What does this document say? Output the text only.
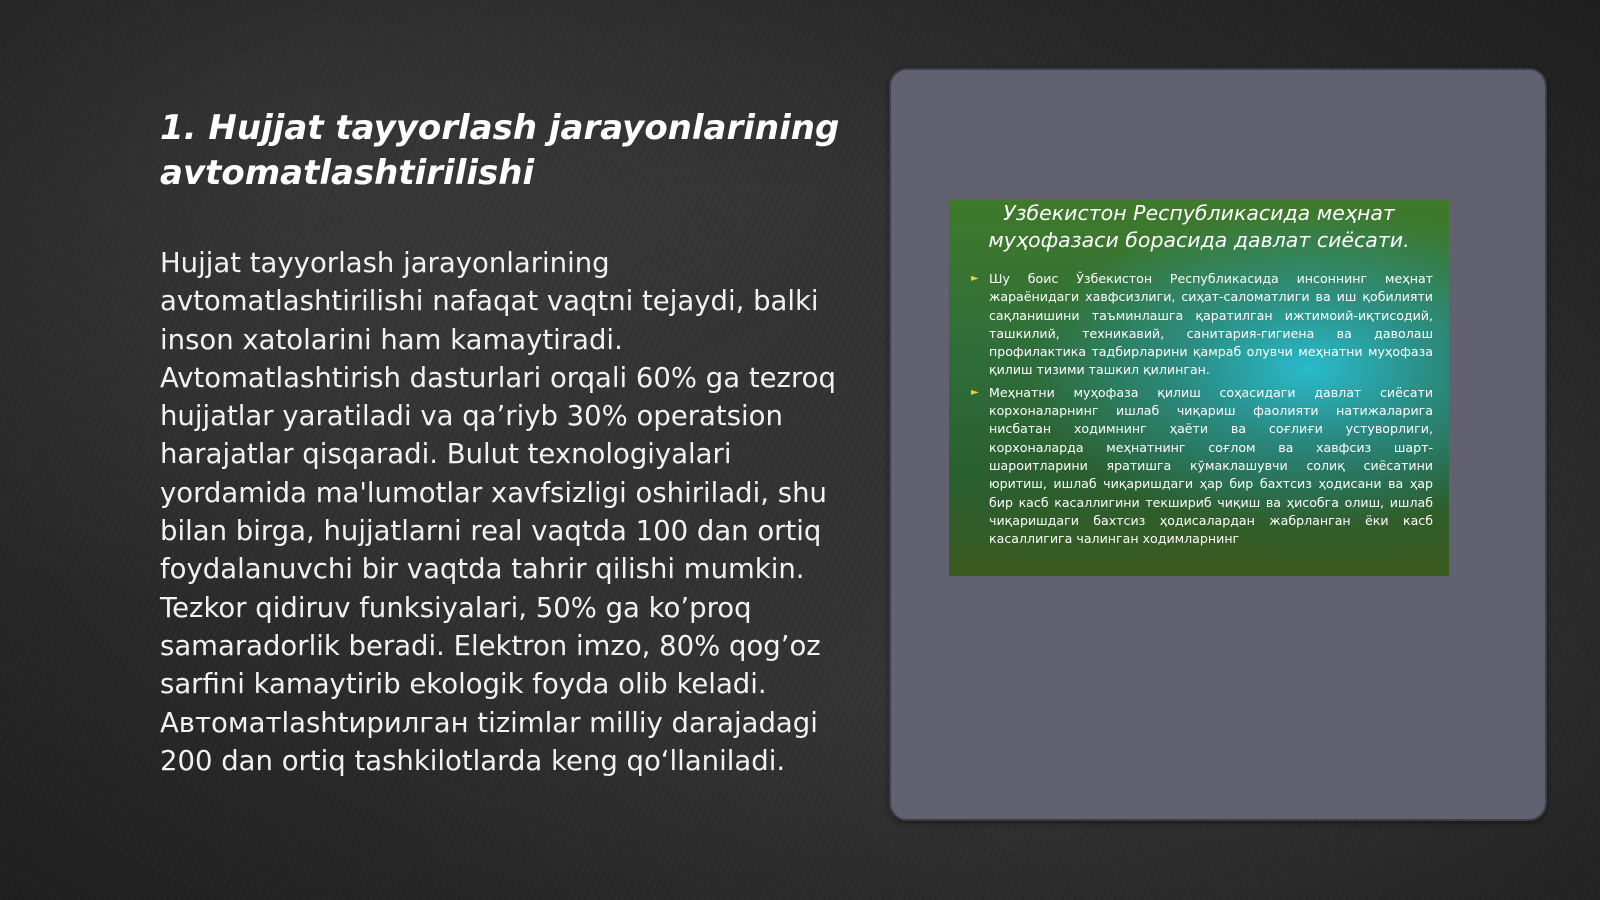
1. Hujjat tayyorlash jarayonlarining
avtomatlashtirilishi

Hujjat tayyorlash jarayonlarining avtomatlashtirilishi nafaqat vaqtni tejaydi, balki inson xatolarini ham kamaytiradi. Avtomatlashtirish dasturlari orqali 60% ga tezroq hujjatlar yaratiladi va qa’riyb 30% operatsion harajatlar qisqaradi. Bulut texnologiyalari yordamida ma'lumotlar xavfsizligi oshiriladi, shu bilan birga, hujjatlarni real vaqtda 100 dan ortiq foydalanuvchi bir vaqtda tahrir qilishi mumkin. Tezkor qidiruv funksiyalari, 50% ga ko’proq samaradorlik beradi. Elektron imzo, 80% qog’oz sarfini kamaytirib ekologik foyda olib keladi. Автоматlashtирилган tizimlar milliy darajadagi 200 dan ortiq tashkilotlarda keng qo‘llaniladi.

Узбекистон Республикасида меҳнат муҳофазаси борасида давлат сиёсати.

► Шу боис Ўзбекистон Республикасида инсоннинг меҳнат жараёнидаги хавфсизлиги, сиҳат-саломатлиги ва иш қобилияти сақланишини таъминлашга қаратилган ижтимоий-иқтисодий, ташкилий, техникавий, санитария-гигиена ва даволаш профилактика тадбирларини қамраб олувчи меҳнатни муҳофаза қилиш тизими ташкил қилинган.
► Меҳнатни муҳофаза қилиш соҳасидаги давлат сиёсати корхоналарнинг ишлаб чиқариш фаолияти натижаларига нисбатан ходимнинг ҳаёти ва соғлиғи устуворлиги, корхоналарда меҳнатнинг соғлом ва хавфсиз шарт-шароитларини яратишга кўмаклашувчи солиқ сиёсатини юритиш, ишлаб чиқаришдаги ҳар бир бахтсиз ҳодисани ва ҳар бир касб касаллигини текшириб чиқиш ва ҳисобга олиш, ишлаб чиқаришдаги бахтсиз ҳодисалардан жабрланган ёки касб касаллигига чалинган ходимларнинг
